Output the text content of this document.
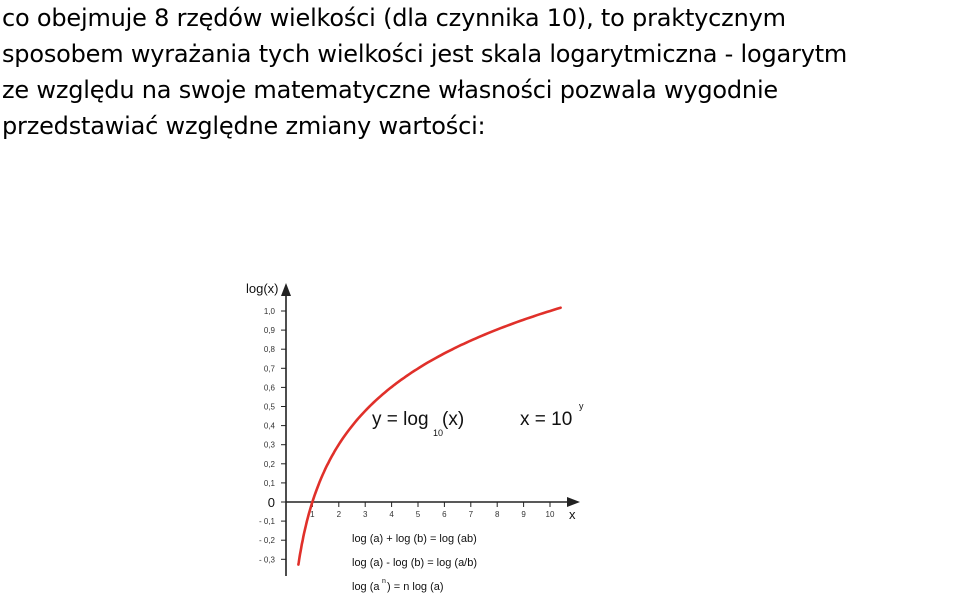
co obejmuje 8 rzędów wielkości (dla czynnika 10), to praktycznym
sposobem wyrażania tych wielkości jest skala logarytmiczna - logarytm
ze względu na swoje matematyczne własności pozwala wygodnie
przedstawiać względne zmiany wartości:
1,0
0,9
0,8
0,7
0,6
0,5
0,4
0,3
0,2
0,1
0
- 0,1
- 0,2
- 0,3
1	2	3	4	5	6	7	8	9 10
log(x)
x
y = log
10
(x)	x = 10
y
log (a) + log (b) = log (ab)
log (a) - log (b) = log (a/b)
log (a n ) = n log (a)
